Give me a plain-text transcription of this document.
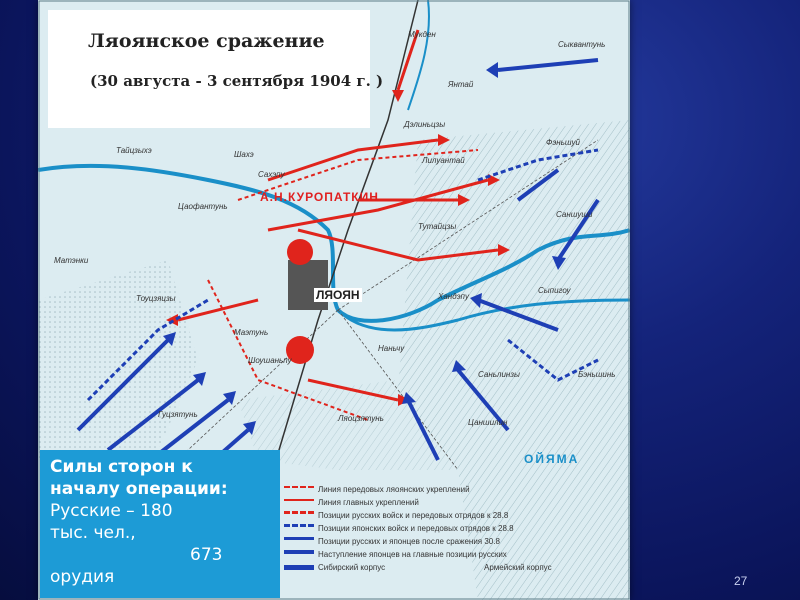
Ляоянское сражение
(30 августа - 3 сентября 1904 г. )
ЛЯОЯН
А.Н.КУРОПАТКИН
ОЙЯМА
Тайцзыхэ	Шахэ
Сыквантунь
Мукден
Янтай
Сахэпу
Тутайцзы
Фэньшуй
Хандэпу
Лилуантай
Цаофантунь
Шоушаньпу
Сыпигоу
Саншуши
Маэтунь
Тоуцзяцзы
Ляоцзятунь
Саньлинзы
Цаншилин
Дэлиньцзы
Матэнки
Гуцзятунь
Наньчу
Бэньшинь
Линия передовых ляоянских укреплений
Линия главных укреплений
Позиции русских войск и передовых отрядов к 28.8
Позиции японских войск и передовых отрядов к 28.8
Позиции русских и японцев после сражения 30.8
Наступление японцев на главные позиции русских
Сибирский корпус	Армейский корпус
Силы сторон к
началу операции:
Русские – 180
тыс. чел.,
673
орудия	27
